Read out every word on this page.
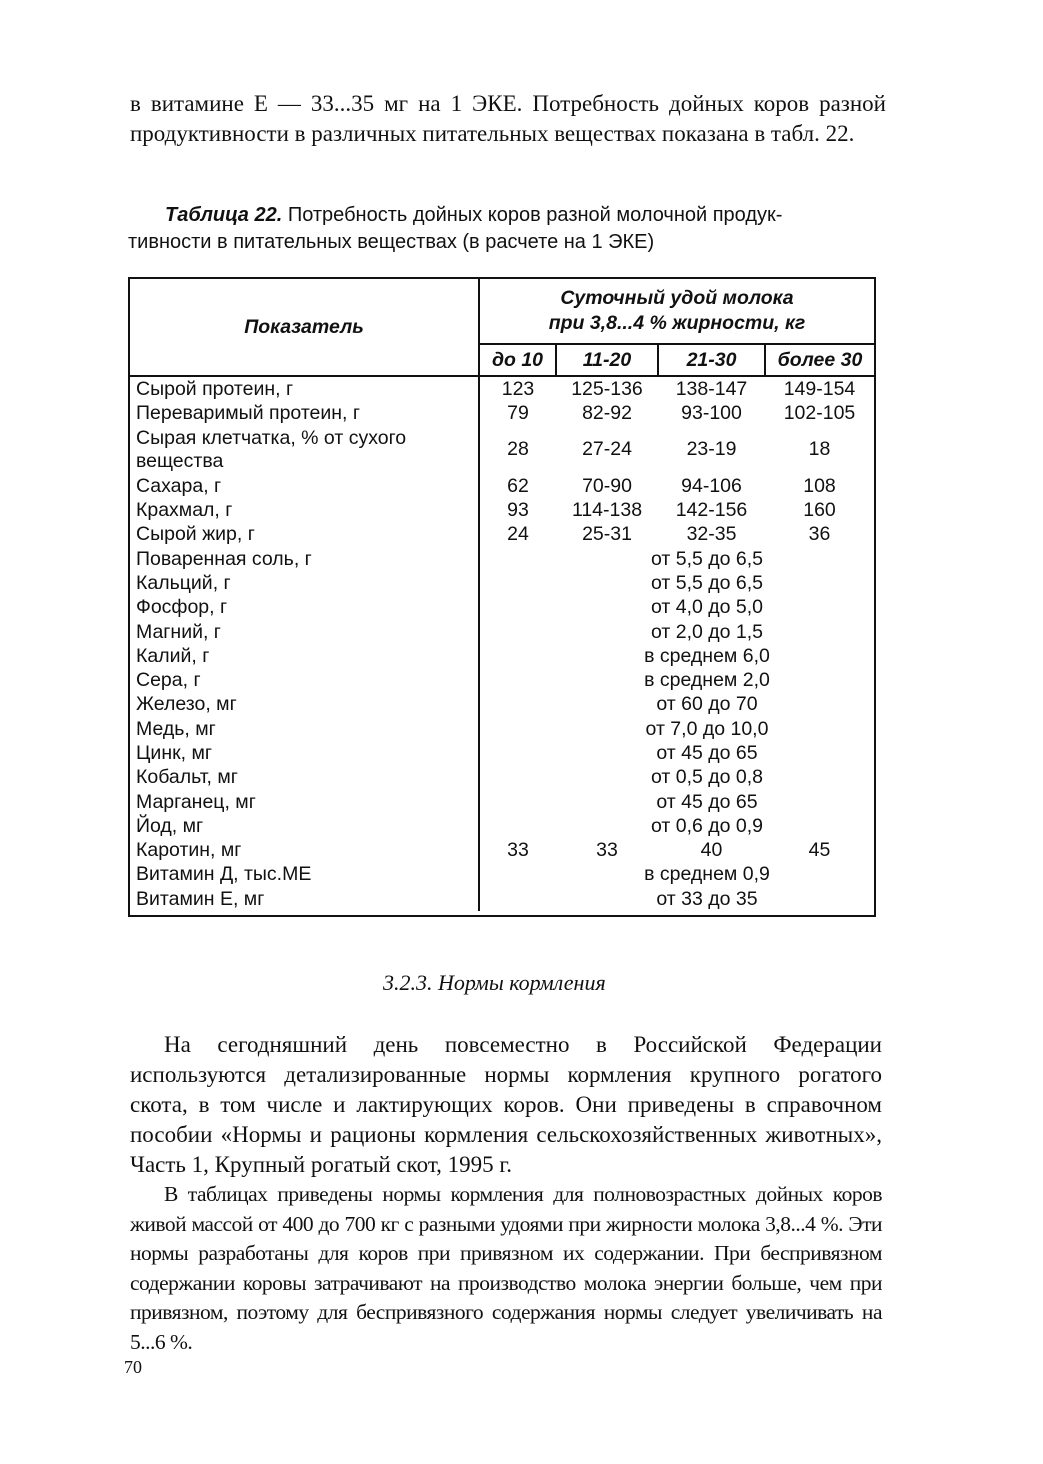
в витамине Е — 33...35 мг на 1 ЭКЕ. Потребность дойных коров разной продуктивности в различных питательных веществах показана в табл. 22.

Таблица 22. Потребность дойных коров разной молочной продук-
тивности в питательных веществах (в расчете на 1 ЭКЕ)

Показатель	Суточный удой молока
при 3,8...4 % жирности, кг			
	до 10	11-20	21-30	более 30
Сырой протеин, г	123	125-136	138-147	149-154
Переваримый протеин, г	79	82-92	93-100	102-105
Сырая клетчатка, % от сухого вещества	28	27-24	23-19	18
Сахара, г	62	70-90	94-106	108
Крахмал, г	93	114-138	142-156	160
Сырой жир, г	24	25-31	32-35	36
Поваренная соль, г	от 5,5 до 6,5			
Кальций, г	от 5,5 до 6,5			
Фосфор, г	от 4,0 до 5,0			
Магний, г	от 2,0 до 1,5			
Калий, г	в среднем 6,0			
Сера, г	в среднем 2,0			
Железо, мг	от 60 до 70			
Медь, мг	от 7,0 до 10,0			
Цинк, мг	от 45 до 65			
Кобальт, мг	от 0,5 до 0,8			
Марганец, мг	от 45 до 65			
Йод, мг	от 0,6 до 0,9			
Каротин, мг	33	33	40	45
Витамин Д, тыс.МЕ	в среднем 0,9			
Витамин Е, мг	от 33 до 35			

3.2.3. Нормы кормления

На сегодняшний день повсеместно в Российской Федерации используются детализированные нормы кормления крупного рогатого скота, в том числе и лактирующих коров. Они приведены в справочном пособии «Нормы и рационы кормления сельскохозяйственных животных», Часть 1, Крупный рогатый скот, 1995 г.

В таблицах приведены нормы кормления для полновозрастных дойных коров живой массой от 400 до 700 кг с разными удоями при жирности молока 3,8...4 %. Эти нормы разработаны для коров при привязном их содержании. При беспривязном содержании коровы затрачивают на производство молока энергии больше, чем при привязном, поэтому для беспривязного содержания нормы следует увеличивать на 5...6 %.

70
